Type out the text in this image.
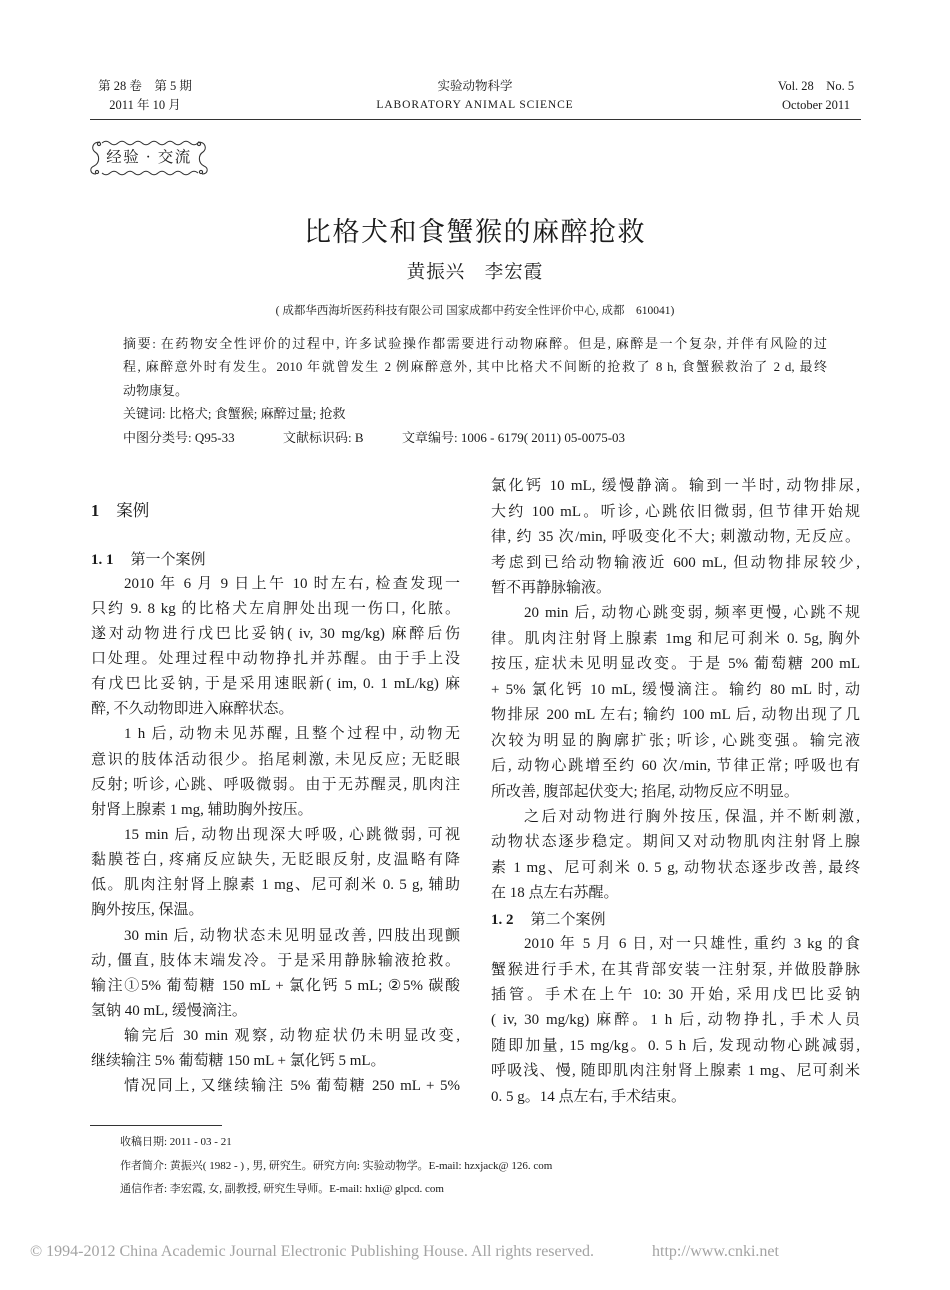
第 28 卷　第 5 期
2011 年 10 月
实验动物科学
LABORATORY ANIMAL SCIENCE
Vol. 28　No. 5
October 2011
经验 · 交流
比格犬和食蟹猴的麻醉抢救
黄振兴　李宏霞
( 成都华西海圻医药科技有限公司 国家成都中药安全性评价中心, 成都　610041)
摘要: 在药物安全性评价的过程中, 许多试验操作都需要进行动物麻醉。但是, 麻醉是一个复杂, 并伴有风险的过
程, 麻醉意外时有发生。2010 年就曾发生 2 例麻醉意外, 其中比格犬不间断的抢救了 8 h, 食蟹猴救治了 2 d, 最终
动物康复。
关键词: 比格犬; 食蟹猴; 麻醉过量; 抢救
中图分类号: Q95-33	文献标识码: B	文章编号: 1006 - 6179( 2011) 05-0075-03
1 案例
1. 1 第一个案例
2010 年 6 月 9 日上午 10 时左右, 检查发现一
只约 9. 8 kg 的比格犬左肩胛处出现一伤口, 化脓。
遂对动物进行戊巴比妥钠( iv, 30 mg/kg) 麻醉后伤
口处理。处理过程中动物挣扎并苏醒。由于手上没
有戊巴比妥钠, 于是采用速眠新( im, 0. 1 mL/kg) 麻
醉, 不久动物即进入麻醉状态。
1 h 后, 动物未见苏醒, 且整个过程中, 动物无
意识的肢体活动很少。掐尾刺激, 未见反应; 无眨眼
反射; 听诊, 心跳、呼吸微弱。由于无苏醒灵, 肌肉注
射肾上腺素 1 mg, 辅助胸外按压。
15 min 后, 动物出现深大呼吸, 心跳微弱, 可视
黏膜苍白, 疼痛反应缺失, 无眨眼反射, 皮温略有降
低。肌肉注射肾上腺素 1 mg、尼可刹米 0. 5 g, 辅助
胸外按压, 保温。
30 min 后, 动物状态未见明显改善, 四肢出现颤
动, 僵直, 肢体末端发冷。于是采用静脉输液抢救。
输注①5% 葡萄糖 150 mL + 氯化钙 5 mL; ②5% 碳酸
氢钠 40 mL, 缓慢滴注。
输完后 30 min 观察, 动物症状仍未明显改变,
继续输注 5% 葡萄糖 150 mL + 氯化钙 5 mL。
情况同上, 又继续输注 5% 葡萄糖 250 mL + 5%
氯化钙 10 mL, 缓慢静滴。输到一半时, 动物排尿,
大约 100 mL。听诊, 心跳依旧微弱, 但节律开始规
律, 约 35 次/min, 呼吸变化不大; 刺激动物, 无反应。
考虑到已给动物输液近 600 mL, 但动物排尿较少,
暂不再静脉输液。
20 min 后, 动物心跳变弱, 频率更慢, 心跳不规
律。肌肉注射肾上腺素 1mg 和尼可刹米 0. 5g, 胸外
按压, 症状未见明显改变。于是 5% 葡萄糖 200 mL
+ 5% 氯化钙 10 mL, 缓慢滴注。输约 80 mL 时, 动
物排尿 200 mL 左右; 输约 100 mL 后, 动物出现了几
次较为明显的胸廓扩张; 听诊, 心跳变强。输完液
后, 动物心跳增至约 60 次/min, 节律正常; 呼吸也有
所改善, 腹部起伏变大; 掐尾, 动物反应不明显。
之后对动物进行胸外按压, 保温, 并不断刺激,
动物状态逐步稳定。期间又对动物肌肉注射肾上腺
素 1 mg、尼可刹米 0. 5 g, 动物状态逐步改善, 最终
在 18 点左右苏醒。
1. 2 第二个案例
2010 年 5 月 6 日, 对一只雄性, 重约 3 kg 的食
蟹猴进行手术, 在其背部安装一注射泵, 并做股静脉
插管。手术在上午 10: 30 开始, 采用戊巴比妥钠
( iv, 30 mg/kg) 麻醉。1 h 后, 动物挣扎, 手术人员
随即加量, 15 mg/kg。0. 5 h 后, 发现动物心跳减弱,
呼吸浅、慢, 随即肌肉注射肾上腺素 1 mg、尼可刹米
0. 5 g。14 点左右, 手术结束。
收稿日期: 2011 - 03 - 21
作者简介: 黄振兴( 1982 - ) , 男, 研究生。研究方向: 实验动物学。E-mail: hzxjack@ 126. com
通信作者: 李宏霞, 女, 副教授, 研究生导师。E-mail: hxli@ glpcd. com
© 1994-2012 China Academic Journal Electronic Publishing House. All rights reserved.	http://www.cnki.net
